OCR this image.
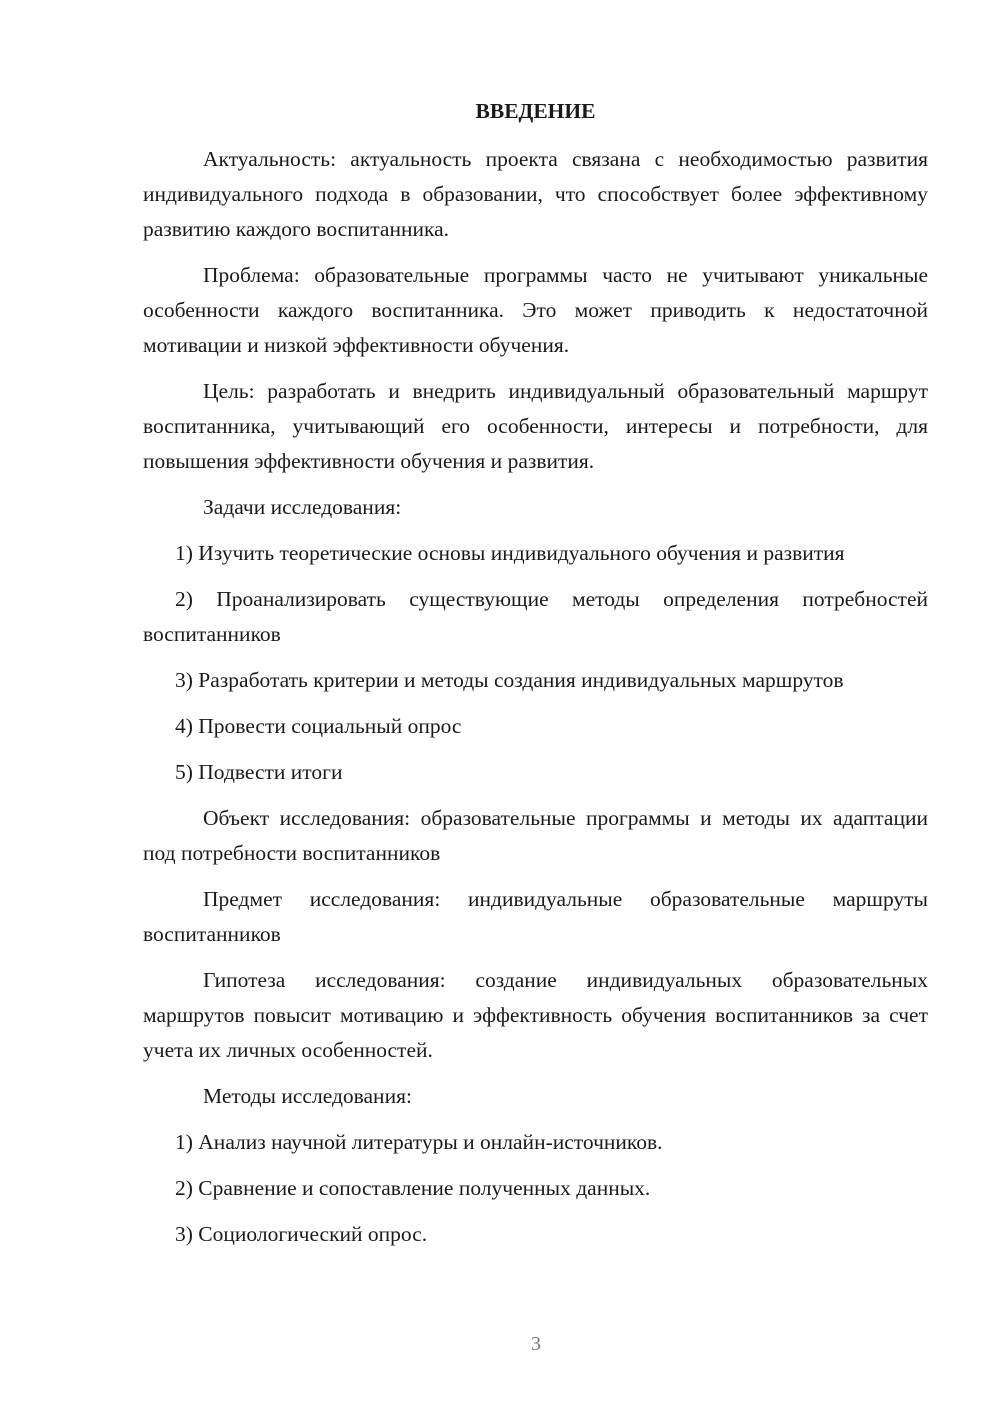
ВВЕДЕНИЕ

Актуальность: актуальность проекта связана с необходимостью развития индивидуального подхода в образовании, что способствует более эффективному развитию каждого воспитанника.

Проблема: образовательные программы часто не учитывают уникальные особенности каждого воспитанника. Это может приводить к недостаточной мотивации и низкой эффективности обучения.

Цель: разработать и внедрить индивидуальный образовательный маршрут воспитанника, учитывающий его особенности, интересы и потребности, для повышения эффективности обучения и развития.

Задачи исследования:

1) Изучить теоретические основы индивидуального обучения и развития

2) Проанализировать существующие методы определения потребностей воспитанников

3) Разработать критерии и методы создания индивидуальных маршрутов

4) Провести социальный опрос

5) Подвести итоги

Объект исследования: образовательные программы и методы их адаптации под потребности воспитанников

Предмет исследования: индивидуальные образовательные маршруты воспитанников

Гипотеза исследования: создание индивидуальных образовательных маршрутов повысит мотивацию и эффективность обучения воспитанников за счет учета их личных особенностей.

Методы исследования:

1) Анализ научной литературы и онлайн-источников.

2) Сравнение и сопоставление полученных данных.

3) Социологический опрос.

3
